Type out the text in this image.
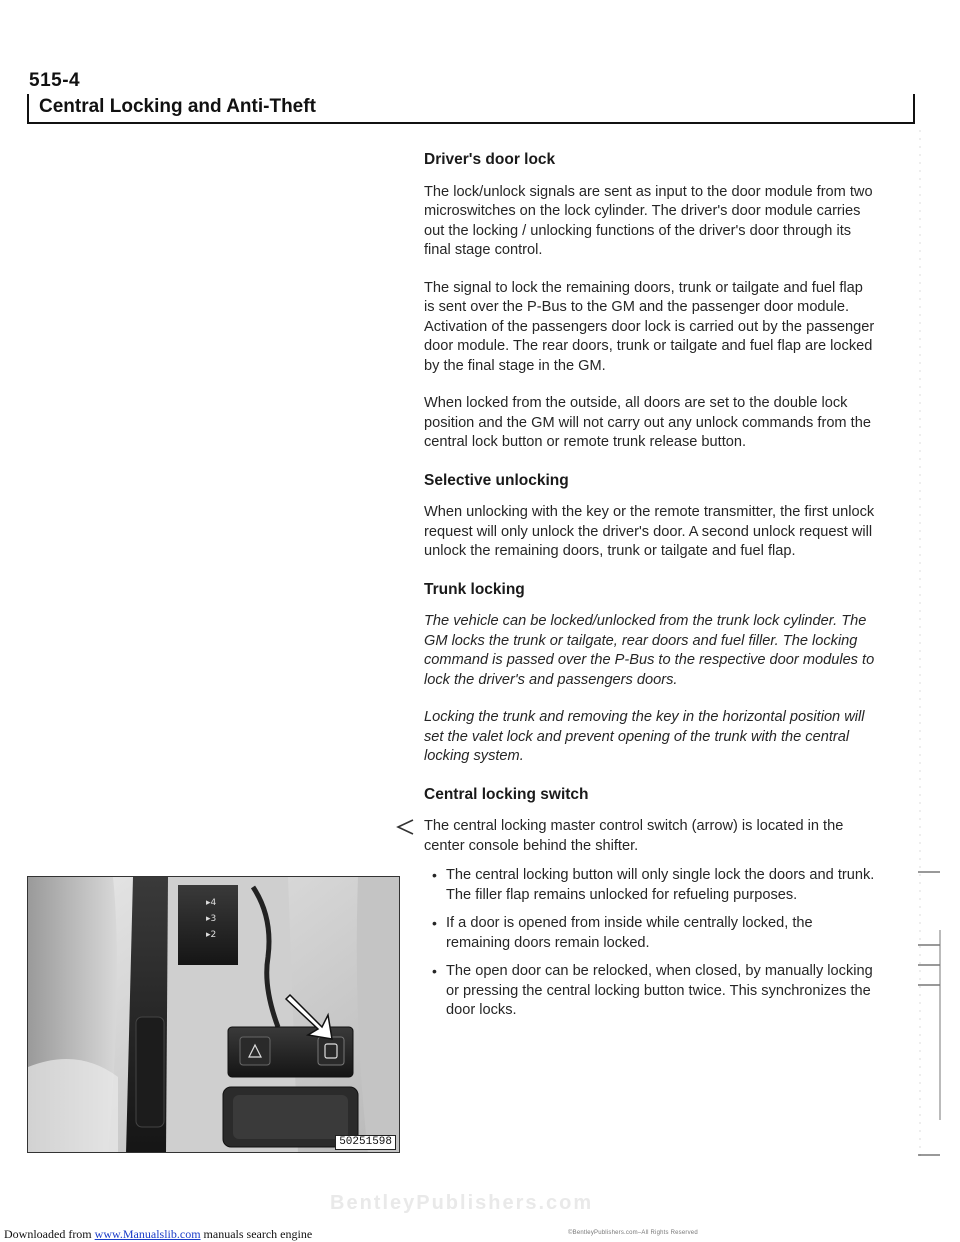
515-4
Central Locking and Anti-Theft
Driver's door lock

The lock/unlock signals are sent as input to the door module from two microswitches on the lock cylinder. The driver's door module carries out the locking / unlocking functions of the driver's door through its final stage control.

The signal to lock the remaining doors, trunk or tailgate and fuel flap is sent over the P-Bus to the GM and the passenger door module. Activation of the passengers door lock is carried out by the passenger door module. The rear doors, trunk or tailgate and fuel flap are locked by the final stage in the GM.

When locked from the outside, all doors are set to the double lock position and the GM will not carry out any unlock commands from the central lock button or remote trunk release button.

Selective unlocking

When unlocking with the key or the remote transmitter, the first unlock request will only unlock the driver's door. A second unlock request will unlock the remaining doors, trunk or tailgate and fuel flap.

Trunk locking

The vehicle can be locked/unlocked from the trunk lock cylinder. The GM locks the trunk or tailgate, rear doors and fuel filler. The locking command is passed over the P-Bus to the respective door modules to lock the driver's and passengers doors.

Locking the trunk and removing the key in the horizontal position will set the valet lock and prevent opening of the trunk with the central locking system.

Central locking switch
The central locking master control switch (arrow) is located in the center console behind the shifter.
• The central locking button will only single lock the doors and trunk. The filler flap remains unlocked for refueling purposes.
• If a door is opened from inside while centrally locked, the remaining doors remain locked.
• The open door can be relocked, when closed, by manually locking or pressing the central locking button twice. This synchronizes the door locks.
▸4
▸3
▸2
50251598
BentleyPublishers.com
Downloaded from www.Manualslib.com manuals search engine	©BentleyPublishers.com–All Rights Reserved
